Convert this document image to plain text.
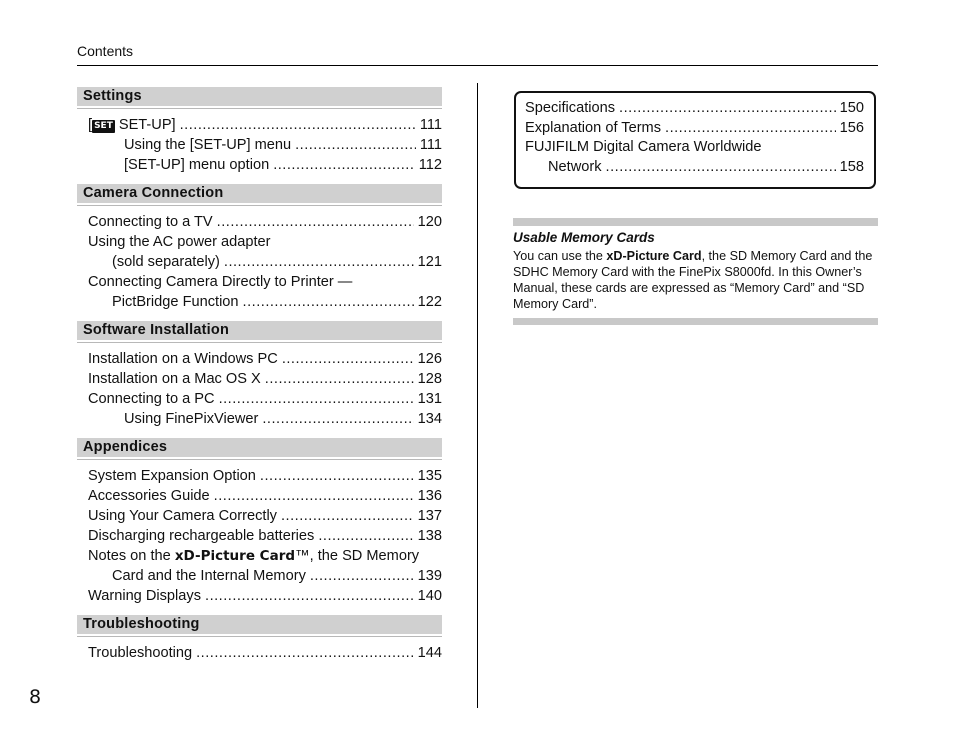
Contents
8
Settings
[ SET SET-UP] .....	111
Using the [SET-UP] menu .....	111
[SET-UP] menu option .....	112
Camera Connection
Connecting to a TV .....	120
Using the AC power adapter
(sold separately) .....	121
Connecting Camera Directly to Printer —
PictBridge Function .....	122
Software Installation
Installation on a Windows PC .....	126
Installation on a Mac OS X .....	128
Connecting to a PC .....	131
Using FinePixViewer .....	134
Appendices
System Expansion Option .....	135
Accessories Guide .....	136
Using Your Camera Correctly .....	137
Discharging rechargeable batteries .....	138
Notes on the xD-Picture Card™, the SD Memory
Card and the Internal Memory .....	139
Warning Displays .....	140
Troubleshooting
Troubleshooting .....	144
Specifications .....	150
Explanation of Terms .....	156
FUJIFILM Digital Camera Worldwide
Network .....	158
Usable Memory Cards
You can use the xD-Picture Card, the SD Memory Card and the SDHC Memory Card with the FinePix S8000fd. In this Owner’s Manual, these cards are expressed as “Memory Card” and “SD Memory Card”.
